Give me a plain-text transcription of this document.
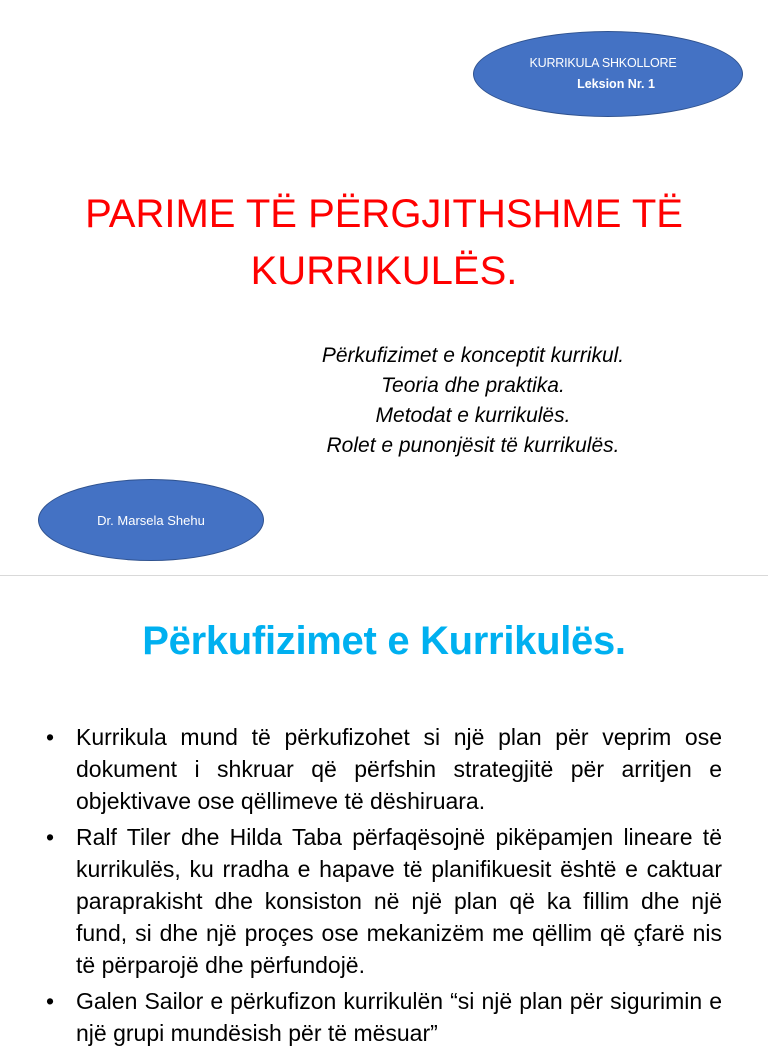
KURRIKULA SHKOLLORE
Leksion Nr. 1
PARIME TË PËRGJITHSHME TË
KURRIKULËS.
Përkufizimet e konceptit kurrikul.
Teoria dhe praktika.
Metodat e kurrikulës.
Rolet e punonjësit të kurrikulës.
Dr. Marsela Shehu
Përkufizimet e Kurrikulës.
• Kurrikula mund të përkufizohet si një plan për veprim ose dokument i shkruar që përfshin strategjitë për arritjen e objektivave ose qëllimeve të dëshiruara.
• Ralf Tiler dhe Hilda Taba përfaqësojnë pikëpamjen lineare të kurrikulës, ku rradha e hapave të planifikuesit është e caktuar paraprakisht dhe konsiston në një plan që ka fillim dhe një fund, si dhe një proçes ose mekanizëm me qëllim që çfarë nis të përparojë dhe përfundojë.
• Galen Sailor e përkufizon kurrikulën “si një plan për sigurimin e një grupi mundësish për të mësuar”
